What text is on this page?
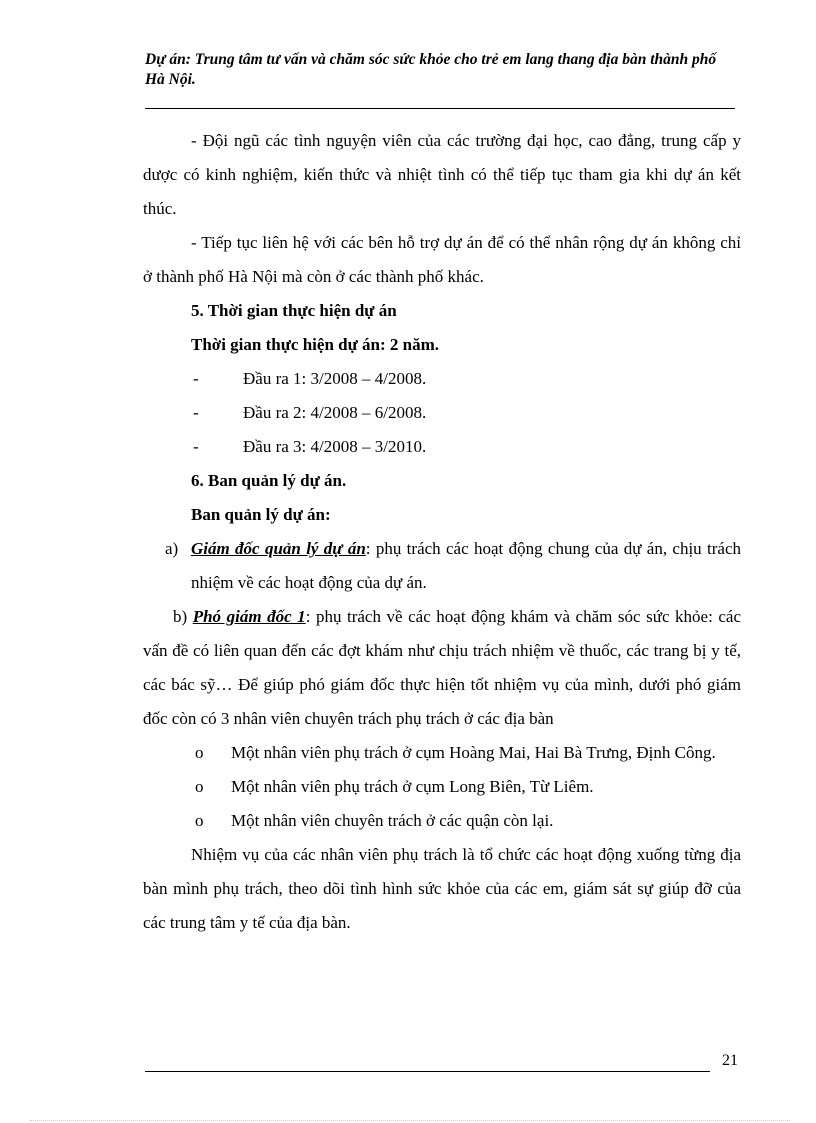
Dự án: Trung tâm tư vấn và chăm sóc sức khỏe cho trẻ em lang thang địa bàn thành phố Hà Nội.

- Đội ngũ các tình nguyện viên của các trường đại học, cao đẳng, trung cấp y dược có kinh nghiệm, kiến thức và nhiệt tình có thể tiếp tục tham gia khi dự án kết thúc.

- Tiếp tục liên hệ với các bên hỗ trợ dự án để có thể nhân rộng dự án không chỉ ở thành phố Hà Nội mà còn ở các thành phố khác.

5. Thời gian thực hiện dự án

Thời gian thực hiện dự án: 2 năm.

-	Đầu ra 1: 3/2008 – 4/2008.
-	Đầu ra 2: 4/2008 – 6/2008.
-	Đầu ra 3: 4/2008 – 3/2010.

6. Ban quản lý dự án.

Ban quản lý dự án:

a) Giám đốc quản lý dự án: phụ trách các hoạt động chung của dự án, chịu trách nhiệm về các hoạt động của dự án.

b) Phó giám đốc 1: phụ trách về các hoạt động khám và chăm sóc sức khỏe: các vấn đề có liên quan đến các đợt khám như chịu trách nhiệm về thuốc, các trang bị y tế, các bác sỹ… Để giúp phó giám đốc thực hiện tốt nhiệm vụ của mình, dưới phó giám đốc còn có 3 nhân viên chuyên trách phụ trách ở các địa bàn

o	Một nhân viên phụ trách ở cụm Hoàng Mai, Hai Bà Trưng, Định Công.
o	Một nhân viên phụ trách ở cụm Long Biên, Từ Liêm.
o	Một nhân viên chuyên trách ở các quận còn lại.

Nhiệm vụ của các nhân viên phụ trách là tổ chức các hoạt động xuống từng địa bàn mình phụ trách, theo dõi tình hình sức khỏe của các em, giám sát sự giúp đỡ của các trung tâm y tế của địa bàn.

21
